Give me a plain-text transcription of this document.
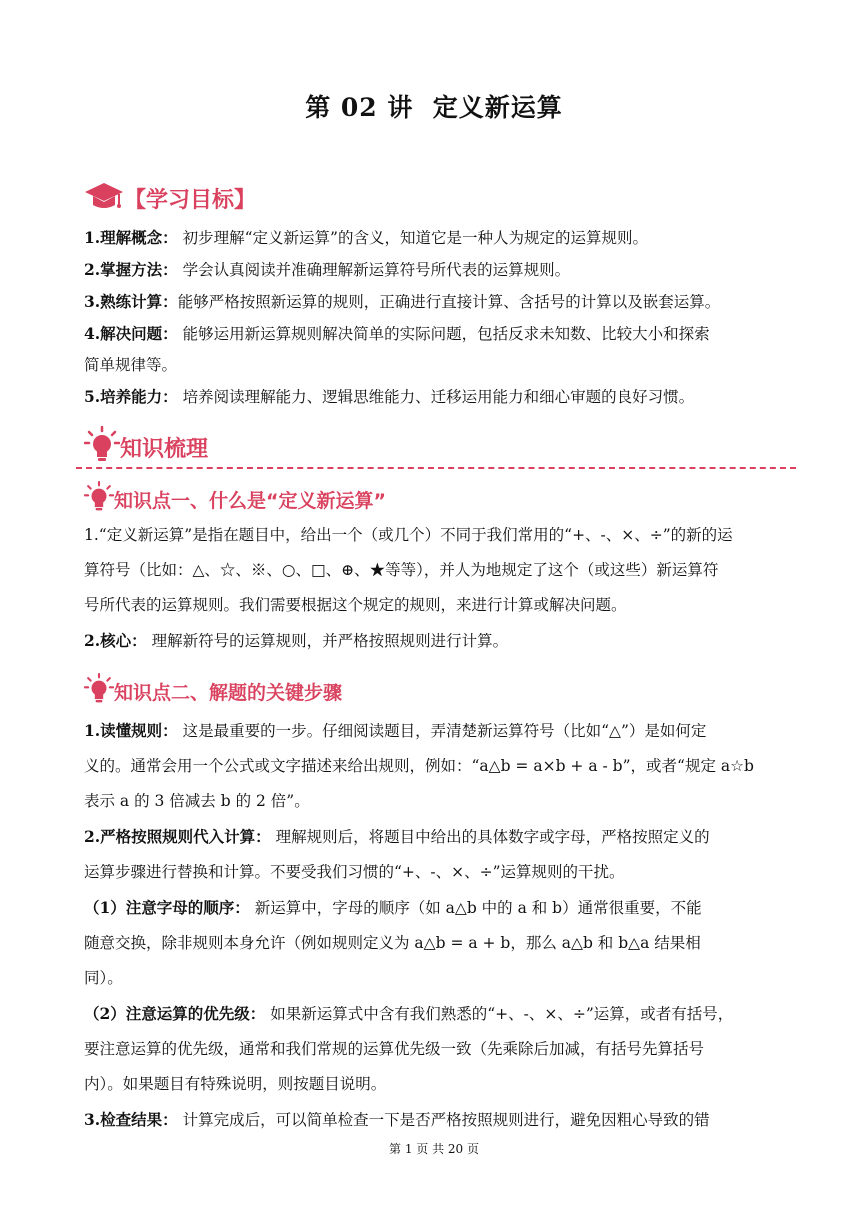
第 02 讲  定义新运算
【学习目标】
1.理解概念： 初步理解“定义新运算”的含义，知道它是一种人为规定的运算规则。
2.掌握方法： 学会认真阅读并准确理解新运算符号所代表的运算规则。
3.熟练计算：能够严格按照新运算的规则，正确进行直接计算、含括号的计算以及嵌套运算。
4.解决问题： 能够运用新运算规则解决简单的实际问题，包括反求未知数、比较大小和探索
简单规律等。
5.培养能力： 培养阅读理解能力、逻辑思维能力、迁移运用能力和细心审题的良好习惯。
知识梳理
知识点一、什么是“定义新运算”
1.“定义新运算”是指在题目中，给出一个（或几个）不同于我们常用的“+、-、×、÷”的新的运
算符号（比如：△、☆、※、○、□、⊕、★等等），并人为地规定了这个（或这些）新运算符
号所代表的运算规则。我们需要根据这个规定的规则，来进行计算或解决问题。
2.核心： 理解新符号的运算规则，并严格按照规则进行计算。
知识点二、解题的关键步骤
1.读懂规则： 这是最重要的一步。仔细阅读题目，弄清楚新运算符号（比如“△”）是如何定
义的。通常会用一个公式或文字描述来给出规则，例如：“a△b = a×b + a - b”，或者“规定 a☆b
表示 a 的 3 倍减去 b 的 2 倍”。
2.严格按照规则代入计算： 理解规则后，将题目中给出的具体数字或字母，严格按照定义的
运算步骤进行替换和计算。不要受我们习惯的“+、-、×、÷”运算规则的干扰。
（1）注意字母的顺序： 新运算中，字母的顺序（如 a△b 中的 a 和 b）通常很重要，不能
随意交换，除非规则本身允许（例如规则定义为 a△b = a + b，那么 a△b 和 b△a 结果相
同）。
（2）注意运算的优先级： 如果新运算式中含有我们熟悉的“+、-、×、÷”运算，或者有括号，
要注意运算的优先级，通常和我们常规的运算优先级一致（先乘除后加减，有括号先算括号
内）。如果题目有特殊说明，则按题目说明。
3.检查结果： 计算完成后，可以简单检查一下是否严格按照规则进行，避免因粗心导致的错
第 1 页 共 20 页
